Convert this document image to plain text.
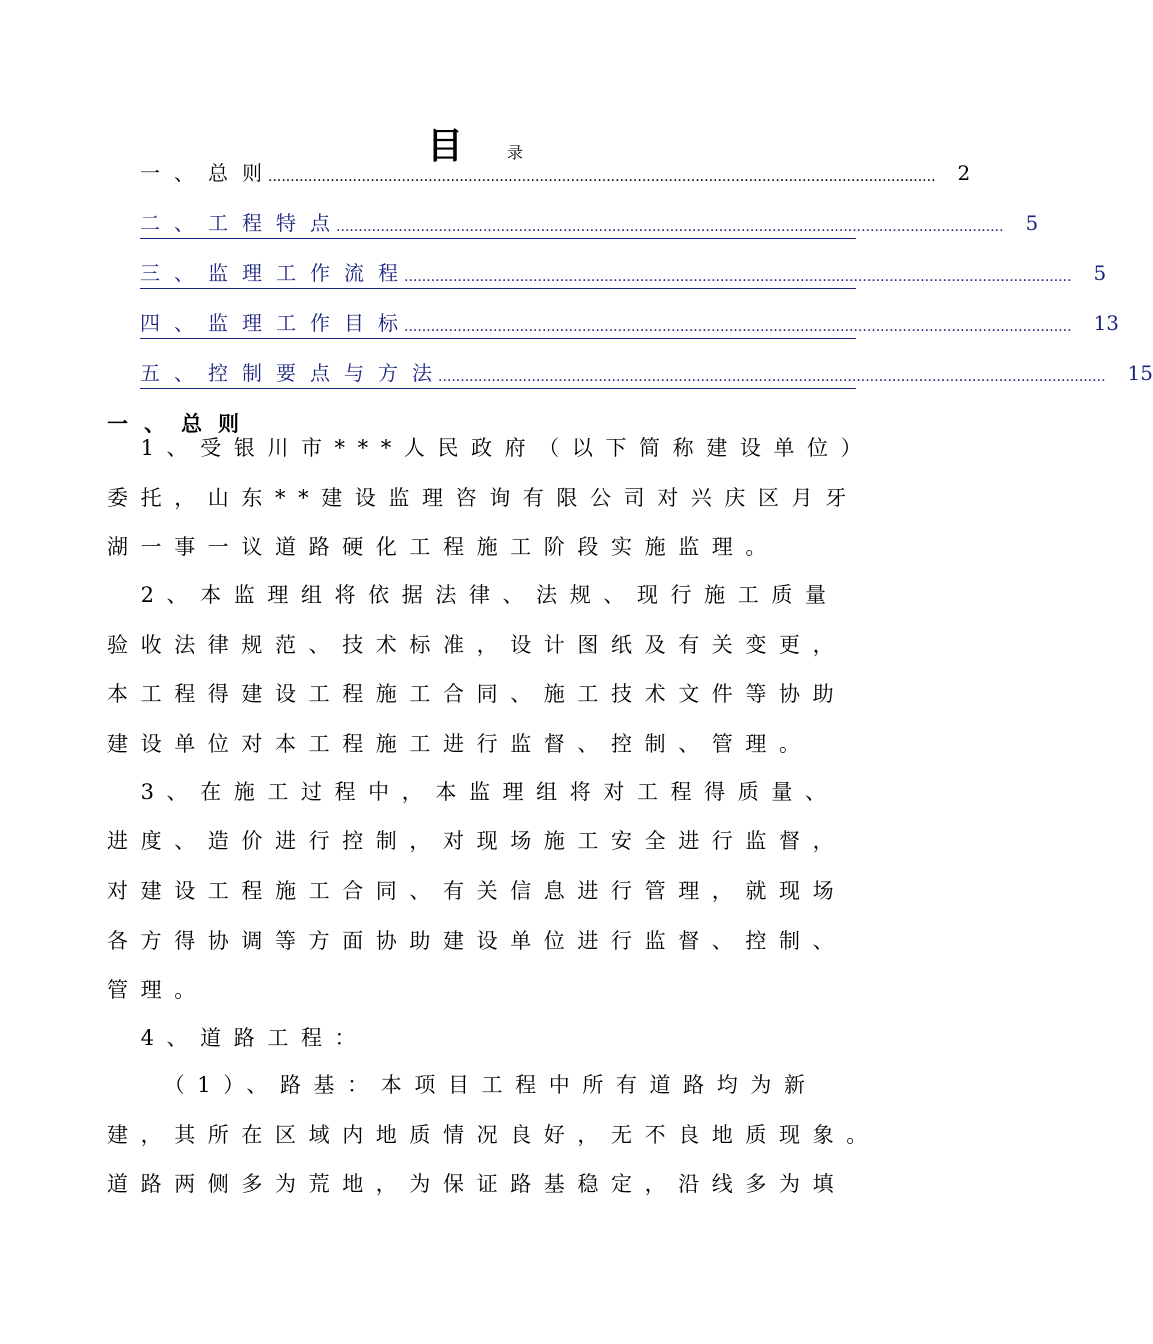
目	录
一、总则
...................................................................................................................................................... 2
二、工程特点
...................................................................................................................................................... 5
三、监理工作流程
...................................................................................................................................................... 5
四、监理工作目标
...................................................................................................................................................... 13
五、控制要点与方法
...................................................................................................................................................... 15
一、总则
　1、受银川市***人民政府（以下简称建设单位）
委托，山东**建设监理咨询有限公司对兴庆区月牙
湖一事一议道路硬化工程施工阶段实施监理。
　2、本监理组将依据法律、法规、现行施工质量
验收法律规范、技术标准，设计图纸及有关变更，
本工程得建设工程施工合同、施工技术文件等协助
建设单位对本工程施工进行监督、控制、管理。
　3、在施工过程中，本监理组将对工程得质量、
进度、造价进行控制，对现场施工安全进行监督，
对建设工程施工合同、有关信息进行管理，就现场
各方得协调等方面协助建设单位进行监督、控制、
管理。
　4、道路工程：
　　（1）、路基：本项目工程中所有道路均为新
建，其所在区域内地质情况良好，无不良地质现象。
道路两侧多为荒地，为保证路基稳定，沿线多为填
